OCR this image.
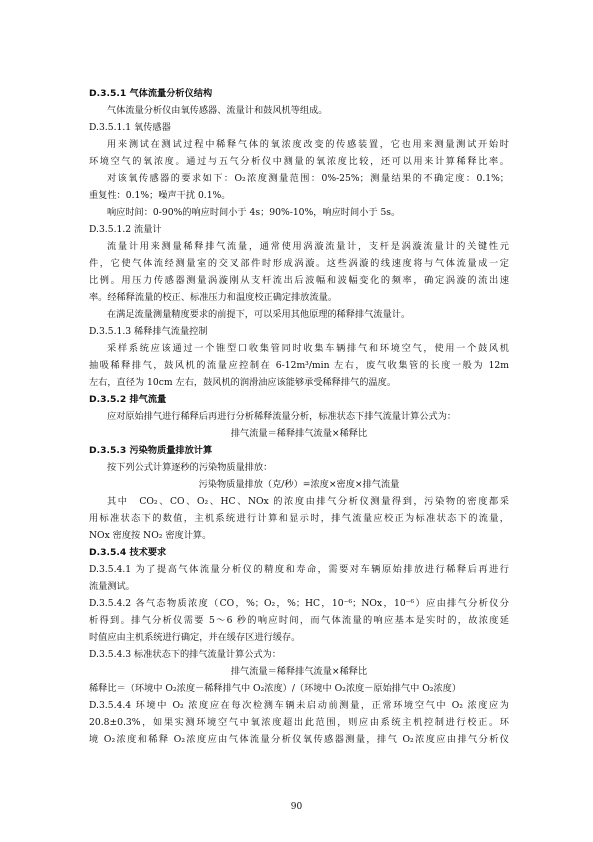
D.3.5.1 气体流量分析仪结构
气体流量分析仪由氧传感器、流量计和鼓风机等组成。
D.3.5.1.1 氧传感器
用来测试在测试过程中稀释气体的氧浓度改变的传感装置，它也用来测量测试开始时
环境空气的氧浓度。通过与五气分析仪中测量的氧浓度比较，还可以用来计算稀释比率。
对该氧传感器的要求如下：O₂浓度测量范围：0%-25%；测量结果的不确定度：0.1%；
重复性：0.1%；噪声干扰 0.1%。
响应时间：0-90%的响应时间小于 4s；90%-10%，响应时间小于 5s。
D.3.5.1.2 流量计
流量计用来测量稀释排气流量，通常使用涡漩流量计，支杆是涡漩流量计的关键性元
件，它使气体流经测量室的交叉部件时形成涡漩。这些涡漩的线速度将与气体流量成一定
比例。用压力传感器测量涡漩刚从支杆流出后波幅和波幅变化的频率，确定涡漩的流出速
率。经稀释流量的校正、标准压力和温度校正确定排放流量。
在满足流量测量精度要求的前提下，可以采用其他原理的稀释排气流量计。
D.3.5.1.3 稀释排气流量控制
采样系统应该通过一个锥型口收集管同时收集车辆排气和环境空气，使用一个鼓风机
抽吸稀释排气，鼓风机的流量应控制在 6-12m³/min 左右，废气收集管的长度一般为 12m
左右，直径为 10cm 左右，鼓风机的润滑油应该能够承受稀释排气的温度。
D.3.5.2 排气流量
应对原始排气进行稀释后再进行分析稀释流量分析，标准状态下排气流量计算公式为：
排气流量＝稀释排气流量×稀释比
D.3.5.3 污染物质量排放计算
按下列公式计算逐秒的污染物质量排放：
污染物质量排放（克/秒）=浓度×密度×排气流量
其中　CO₂、CO、O₂、HC、NOx 的浓度由排气分析仪测量得到，污染物的密度都采
用标准状态下的数值，主机系统进行计算和显示时，排气流量应校正为标准状态下的流量，
NOx 密度按 NO₂ 密度计算。
D.3.5.4 技术要求
D.3.5.4.1 为了提高气体流量分析仪的精度和寿命，需要对车辆原始排放进行稀释后再进行
流量测试。
D.3.5.4.2 各气态物质浓度（CO，%；O₂，%；HC，10⁻⁶；NOx，10⁻⁶）应由排气分析仪分
析得到。排气分析仪需要 5～6 秒的响应时间，而气体流量的响应基本是实时的，故浓度延
时值应由主机系统进行确定，并在缓存区进行缓存。
D.3.5.4.3 标准状态下的排气流量计算公式为：
排气流量＝稀释排气流量×稀释比
稀释比＝（环境中 O₂浓度－稀释排气中 O₂浓度）/（环境中 O₂浓度－原始排气中 O₂浓度）
D.3.5.4.4 环境中 O₂ 浓度应在每次检测车辆未启动前测量，正常环境空气中 O₂ 浓度应为
20.8±0.3%，如果实测环境空气中氧浓度超出此范围，则应由系统主机控制进行校正。环
境 O₂浓度和稀释 O₂浓度应由气体流量分析仪氧传感器测量，排气 O₂浓度应由排气分析仪
90
